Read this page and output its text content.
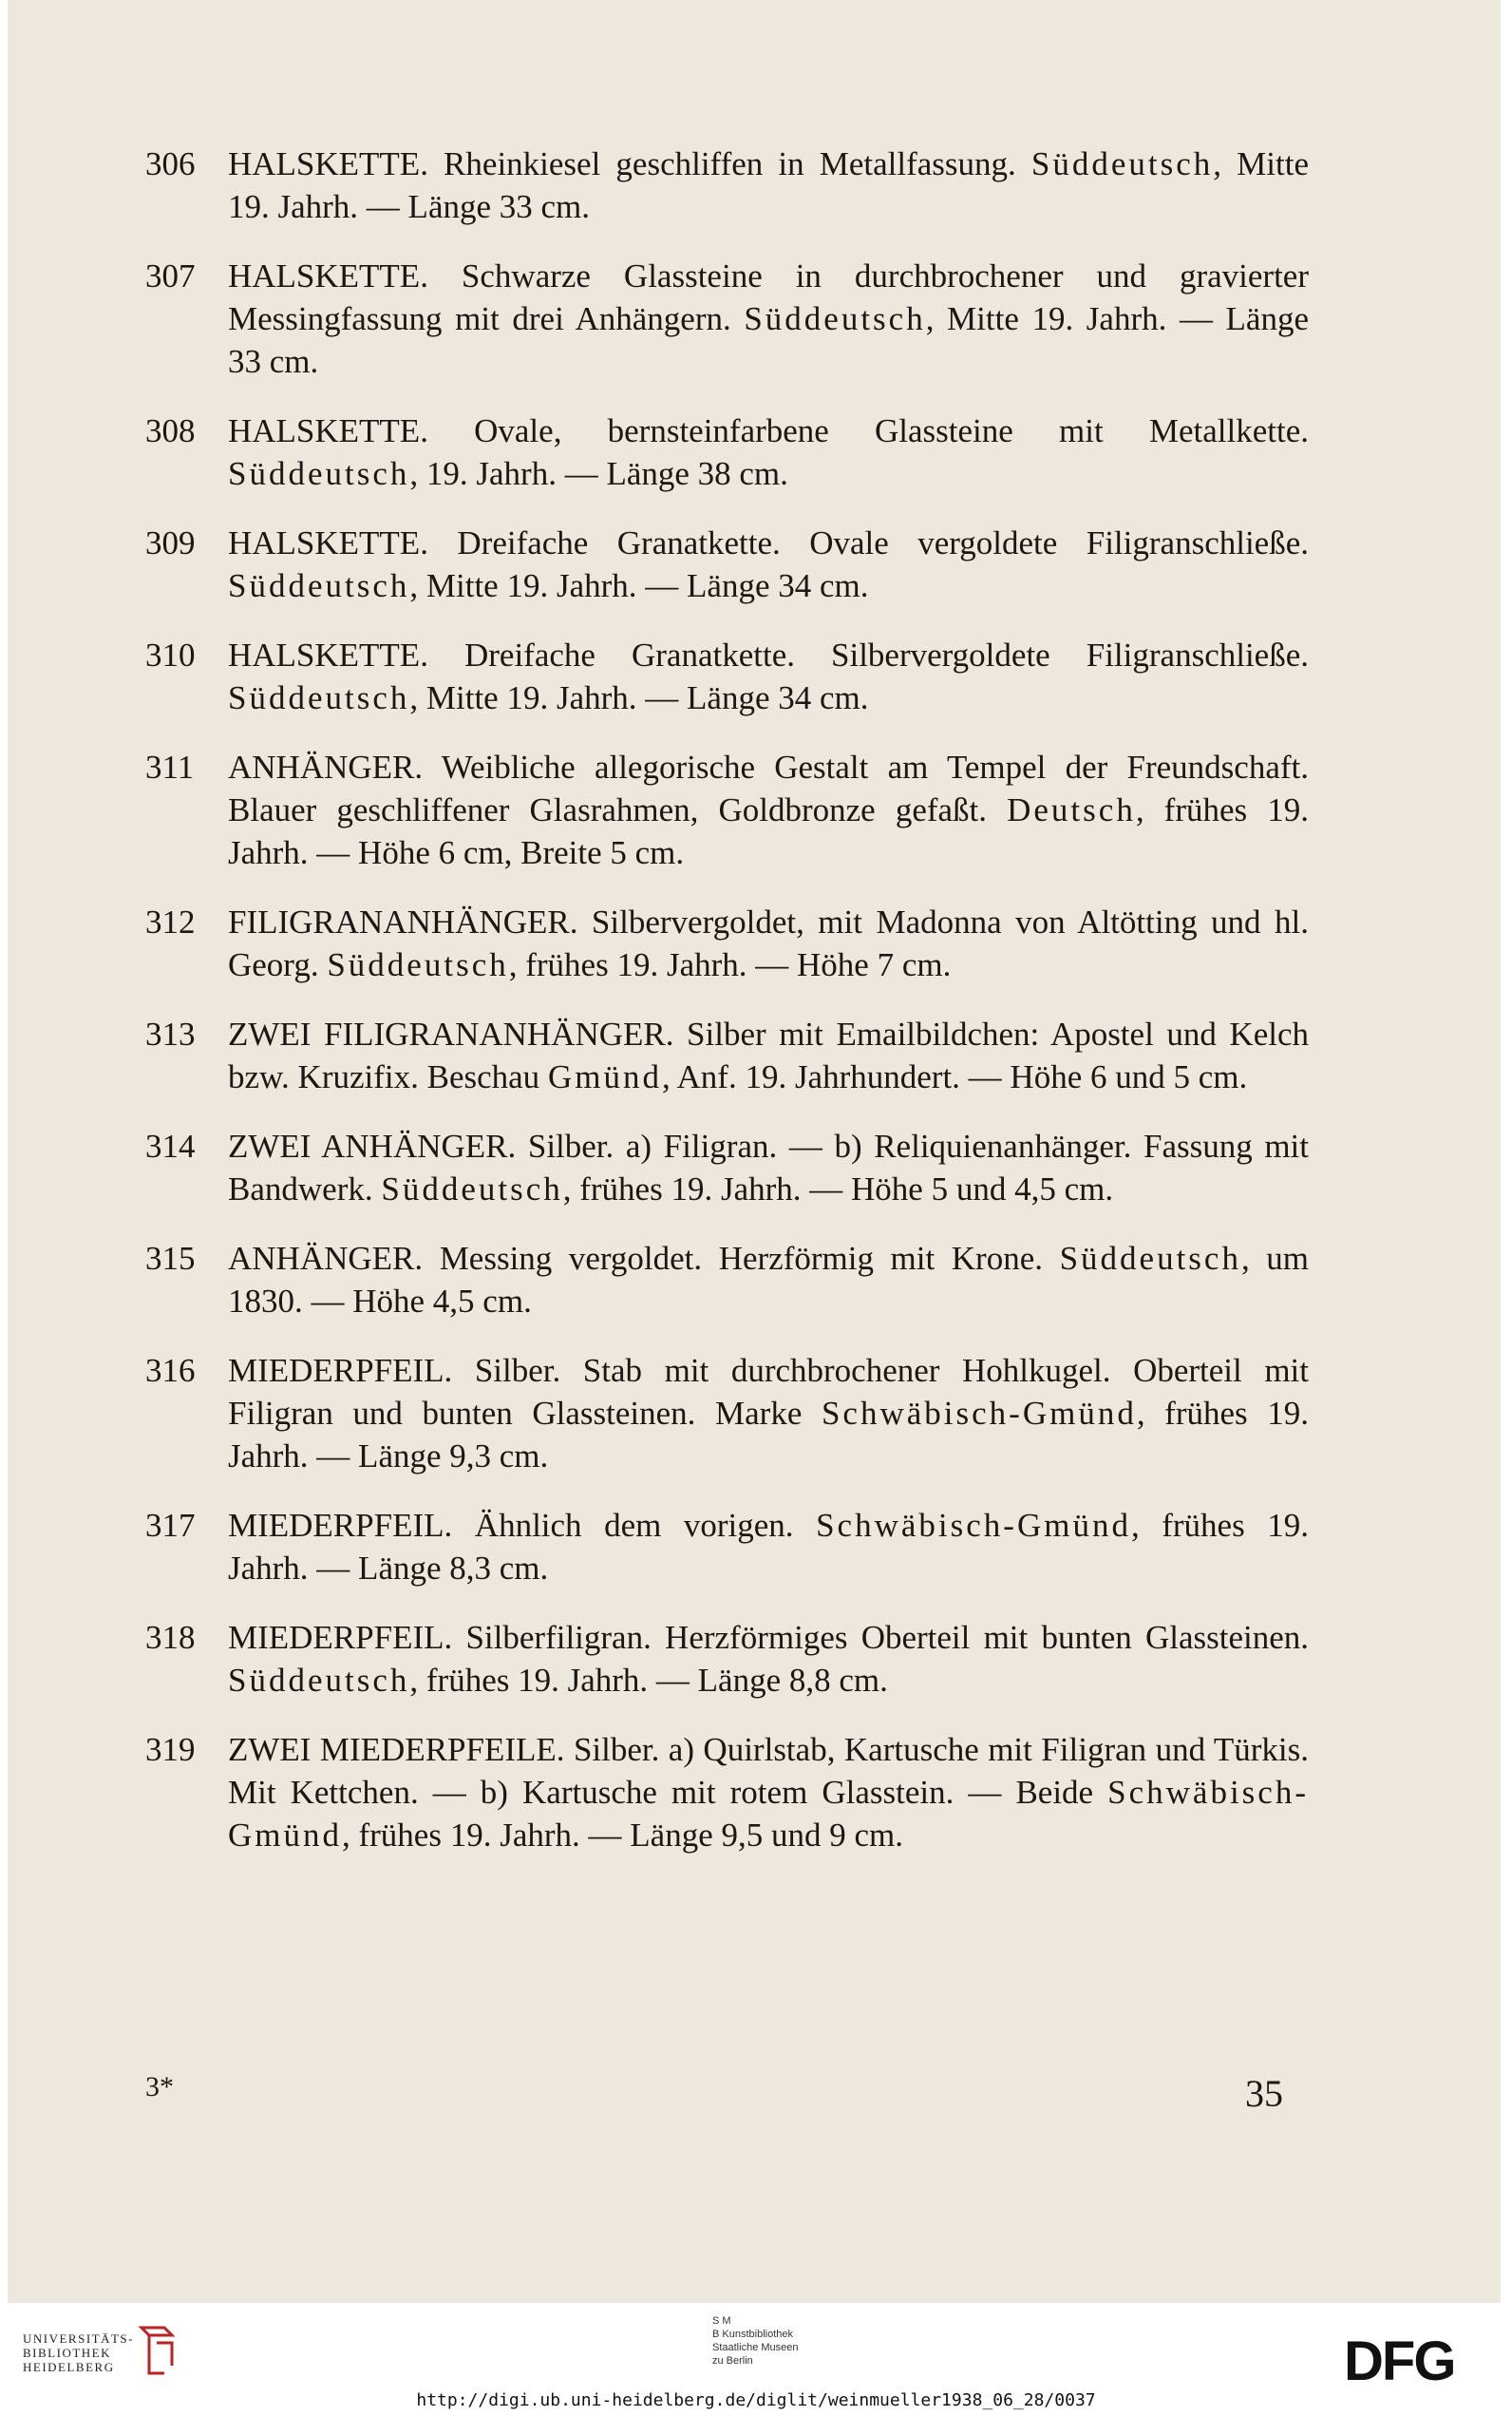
306 HALSKETTE. Rheinkiesel geschliffen in Metallfassung. Süddeutsch, Mitte 19. Jahrh. — Länge 33 cm.
307 HALSKETTE. Schwarze Glassteine in durchbrochener und gravierter Messingfassung mit drei Anhängern. Süddeutsch, Mitte 19. Jahrh. — Länge 33 cm.
308 HALSKETTE. Ovale, bernsteinfarbene Glassteine mit Metallkette. Süddeutsch, 19. Jahrh. — Länge 38 cm.
309 HALSKETTE. Dreifache Granatkette. Ovale vergoldete Filigranschließe. Süddeutsch, Mitte 19. Jahrh. — Länge 34 cm.
310 HALSKETTE. Dreifache Granatkette. Silbervergoldete Filigranschließe. Süddeutsch, Mitte 19. Jahrh. — Länge 34 cm.
311 ANHÄNGER. Weibliche allegorische Gestalt am Tempel der Freundschaft. Blauer geschliffener Glasrahmen, Goldbronze gefaßt. Deutsch, frühes 19. Jahrh. — Höhe 6 cm, Breite 5 cm.
312 FILIGRANANHÄNGER. Silbervergoldet, mit Madonna von Altötting und hl. Georg. Süddeutsch, frühes 19. Jahrh. — Höhe 7 cm.
313 ZWEI FILIGRANANHÄNGER. Silber mit Emailbildchen: Apostel und Kelch bzw. Kruzifix. Beschau Gmünd, Anf. 19. Jahrhundert. — Höhe 6 und 5 cm.
314 ZWEI ANHÄNGER. Silber. a) Filigran. — b) Reliquienanhänger. Fassung mit Bandwerk. Süddeutsch, frühes 19. Jahrh. — Höhe 5 und 4,5 cm.
315 ANHÄNGER. Messing vergoldet. Herzförmig mit Krone. Süddeutsch, um 1830. — Höhe 4,5 cm.
316 MIEDERPFEIL. Silber. Stab mit durchbrochener Hohlkugel. Oberteil mit Filigran und bunten Glassteinen. Marke Schwäbisch-Gmünd, frühes 19. Jahrh. — Länge 9,3 cm.
317 MIEDERPFEIL. Ähnlich dem vorigen. Schwäbisch-Gmünd, frühes 19. Jahrh. — Länge 8,3 cm.
318 MIEDERPFEIL. Silberfiligran. Herzförmiges Oberteil mit bunten Glassteinen. Süddeutsch, frühes 19. Jahrh. — Länge 8,8 cm.
319 ZWEI MIEDERPFEILE. Silber. a) Quirlstab, Kartusche mit Filigran und Türkis. Mit Kettchen. — b) Kartusche mit rotem Glasstein. — Beide Schwäbisch-Gmünd, frühes 19. Jahrh. — Länge 9,5 und 9 cm.
3*	35
UNIVERSITÄTS-
BIBLIOTHEK
HEIDELBERG
S M
B Kunstbibliothek
Staatliche Museen
zu Berlin	DFG
http://digi.ub.uni-heidelberg.de/diglit/weinmueller1938_06_28/0037
